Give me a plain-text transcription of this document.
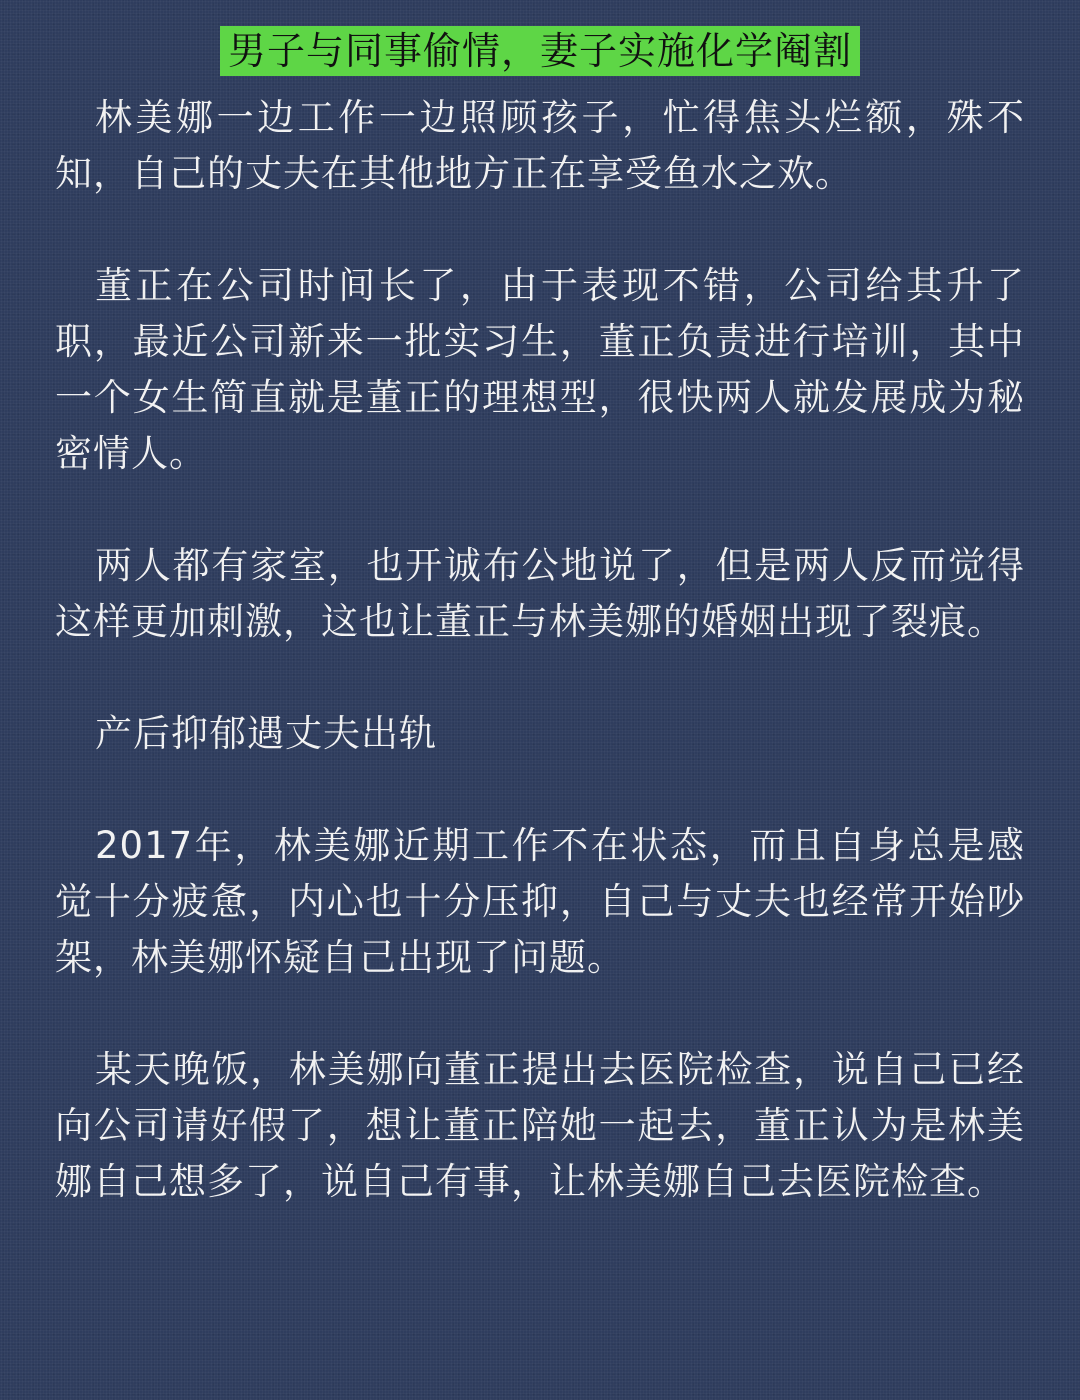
男子与同事偷情，妻子实施化学阉割

林美娜一边工作一边照顾孩子，忙得焦头烂额，殊不知，自己的丈夫在其他地方正在享受鱼水之欢。

董正在公司时间长了，由于表现不错，公司给其升了职，最近公司新来一批实习生，董正负责进行培训，其中一个女生简直就是董正的理想型，很快两人就发展成为秘密情人。

两人都有家室，也开诚布公地说了，但是两人反而觉得这样更加刺激，这也让董正与林美娜的婚姻出现了裂痕。

产后抑郁遇丈夫出轨

2017年，林美娜近期工作不在状态，而且自身总是感觉十分疲惫，内心也十分压抑，自己与丈夫也经常开始吵架，林美娜怀疑自己出现了问题。

某天晚饭，林美娜向董正提出去医院检查，说自己已经向公司请好假了，想让董正陪她一起去，董正认为是林美娜自己想多了，说自己有事，让林美娜自己去医院检查。
